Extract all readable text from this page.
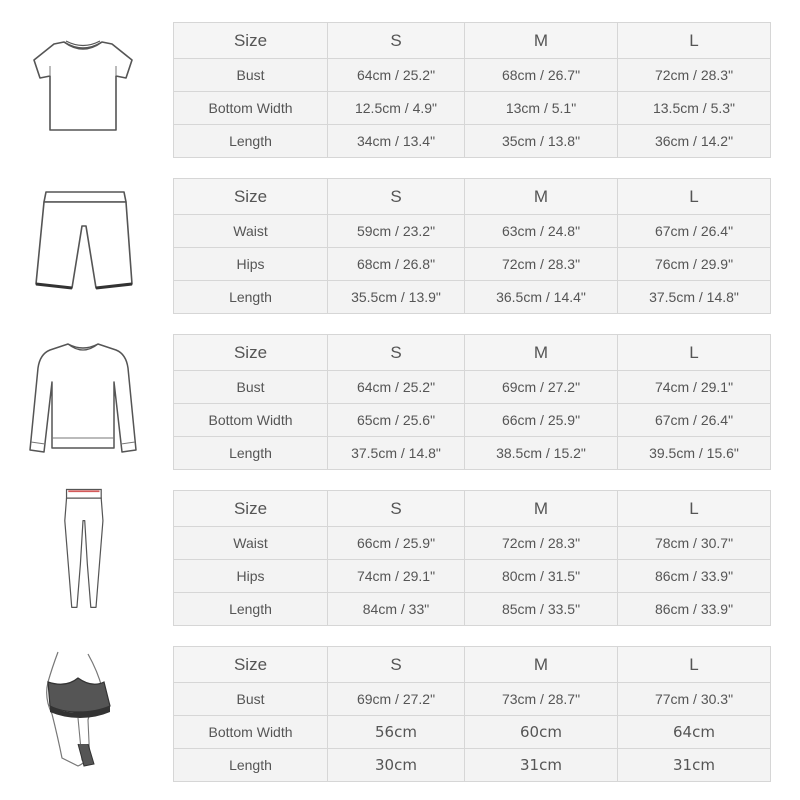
Size	S	M	L
Bust	64cm / 25.2"	68cm / 26.7"	72cm / 28.3"
Bottom Width	12.5cm / 4.9"	13cm / 5.1"	13.5cm / 5.3"
Length	34cm / 13.4"	35cm / 13.8"	36cm / 14.2"
Size	S	M	L
Waist	59cm / 23.2"	63cm / 24.8"	67cm / 26.4"
Hips	68cm / 26.8"	72cm / 28.3"	76cm / 29.9"
Length	35.5cm / 13.9"	36.5cm / 14.4"	37.5cm / 14.8"
Size	S	M	L
Bust	64cm / 25.2"	69cm / 27.2"	74cm / 29.1"
Bottom Width	65cm / 25.6"	66cm / 25.9"	67cm / 26.4"
Length	37.5cm / 14.8"	38.5cm / 15.2"	39.5cm / 15.6"
Size	S	M	L
Waist	66cm / 25.9"	72cm / 28.3"	78cm / 30.7"
Hips	74cm / 29.1"	80cm / 31.5"	86cm / 33.9"
Length	84cm / 33"	85cm / 33.5"	86cm / 33.9"
Size	S	M	L
Bust	69cm / 27.2"	73cm / 28.7"	77cm / 30.3"
Bottom Width	56cm	60cm	64cm
Length	30cm	31cm	31cm
